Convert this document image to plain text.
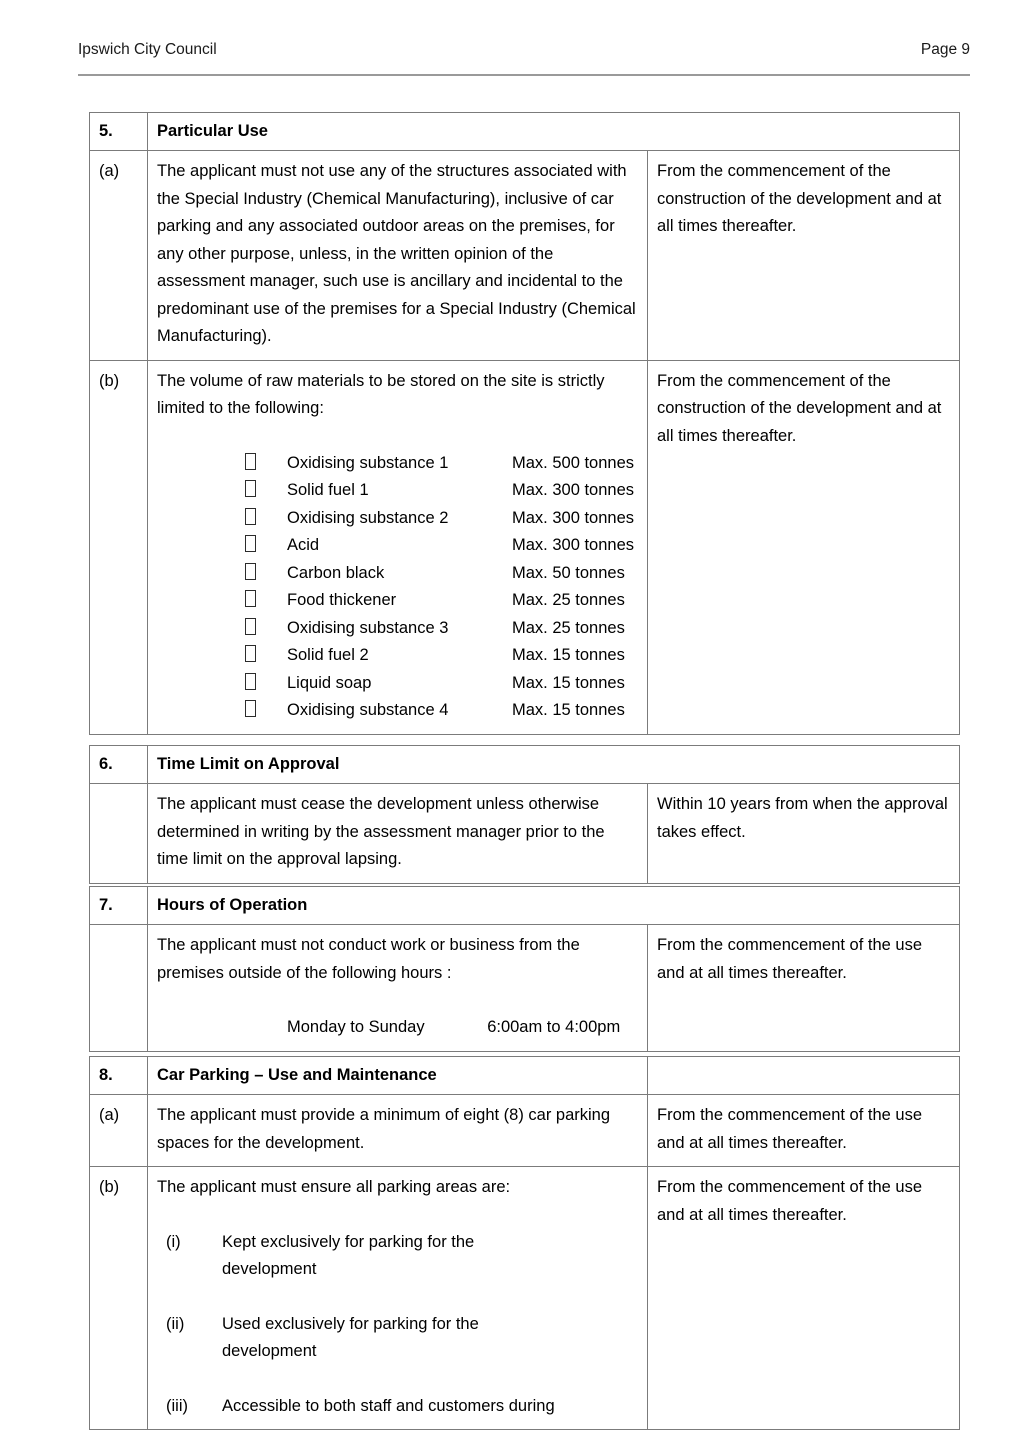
Ipswich City Council	Page 9
5.	Particular Use	
(a)	The applicant must not use any of the structures associated with the Special Industry (Chemical Manufacturing), inclusive of car parking and any associated outdoor areas on the premises, for any other purpose, unless, in the written opinion of the assessment manager, such use is ancillary and incidental to the predominant use of the premises for a Special Industry (Chemical Manufacturing).	From the commencement of the construction of the development and at all times thereafter.
(b)	The volume of raw materials to be stored on the site is strictly limited to the following:
Oxidising substance 1	Max. 500 tonnes
Solid fuel 1	Max. 300 tonnes
Oxidising substance 2	Max. 300 tonnes
Acid	Max. 300 tonnes
Carbon black	Max. 50 tonnes
Food thickener	Max. 25 tonnes
Oxidising substance 3	Max. 25 tonnes
Solid fuel 2	Max. 15 tonnes
Liquid soap	Max. 15 tonnes
Oxidising substance 4	Max. 15 tonnes
	From the commencement of the construction of the development and at all times thereafter.
6.	Time Limit on Approval	
	The applicant must cease the development unless otherwise determined in writing by the assessment manager prior to the time limit on the approval lapsing.	Within 10 years from when the approval takes effect.
7.	Hours of Operation	

	The applicant must not conduct work or business from the premises outside of the following hours :
Monday to Sunday 6:00am to 4:00pm	From the commencement of the use and at all times thereafter.
8.	Car Parking – Use and Maintenance	
(a)	The applicant must provide a minimum of eight (8) car parking spaces for the development.	From the commencement of the use and at all times thereafter.
(b)	The applicant must ensure all parking areas are:
(i)	Kept exclusively for parking for the development
(ii)	Used exclusively for parking for the development
(iii)	Accessible to both staff and customers during
	From the commencement of the use and at all times thereafter.
